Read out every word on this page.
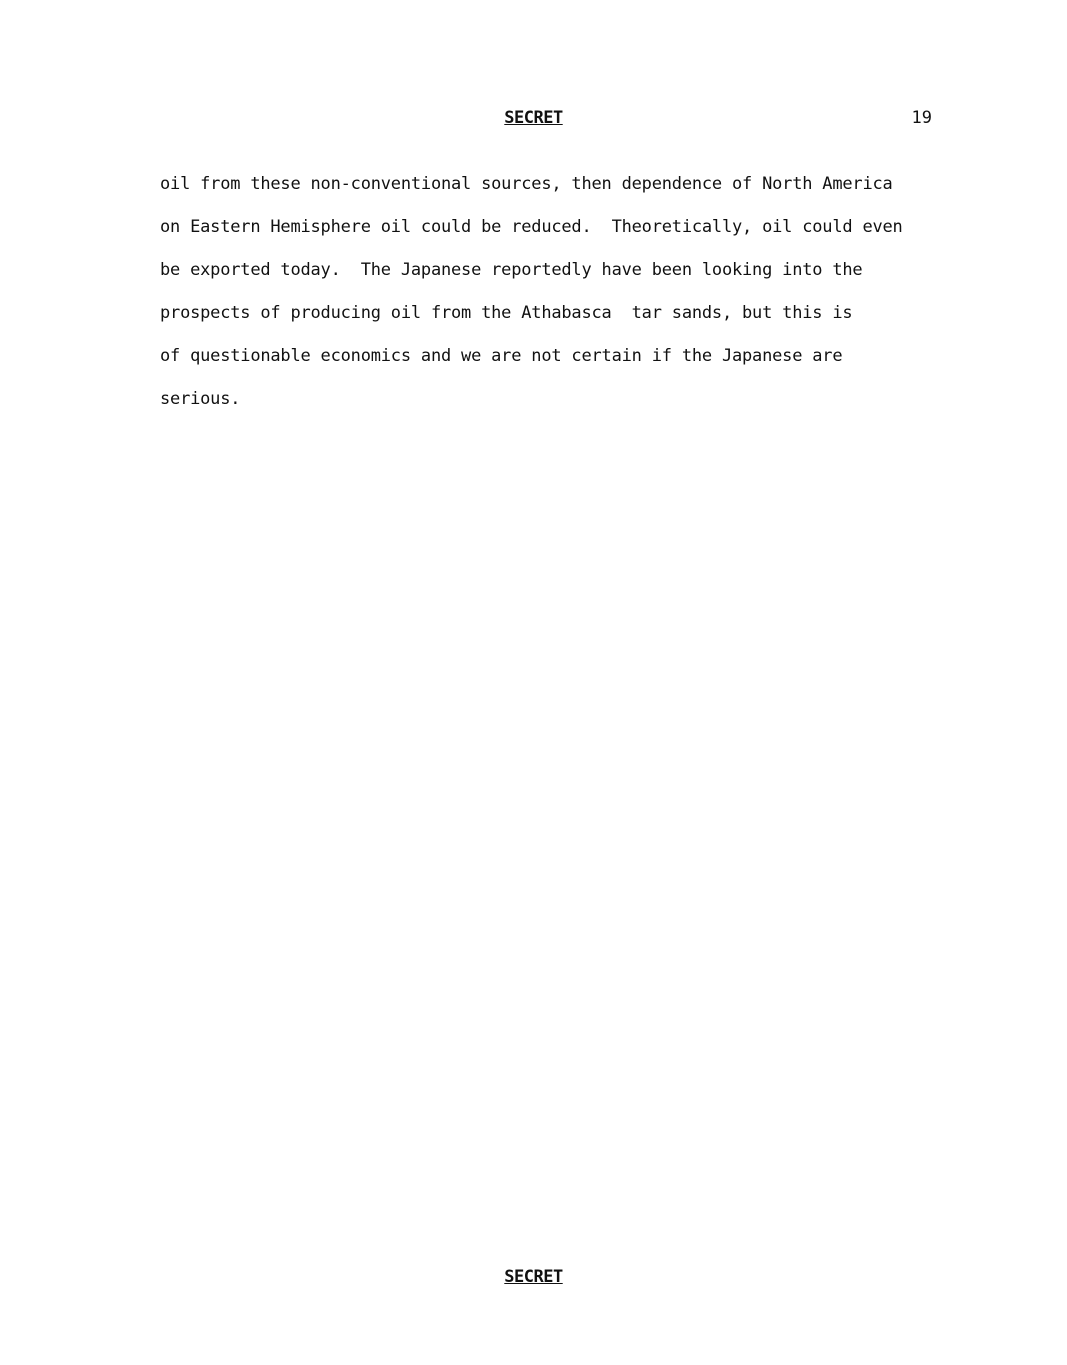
SECRET	19
oil from these non-conventional sources, then dependence of North America
on Eastern Hemisphere oil could be reduced.  Theoretically, oil could even
be exported today.  The Japanese reportedly have been looking into the
prospects of producing oil from the Athabasca  tar sands, but this is
of questionable economics and we are not certain if the Japanese are
serious.
SECRET
